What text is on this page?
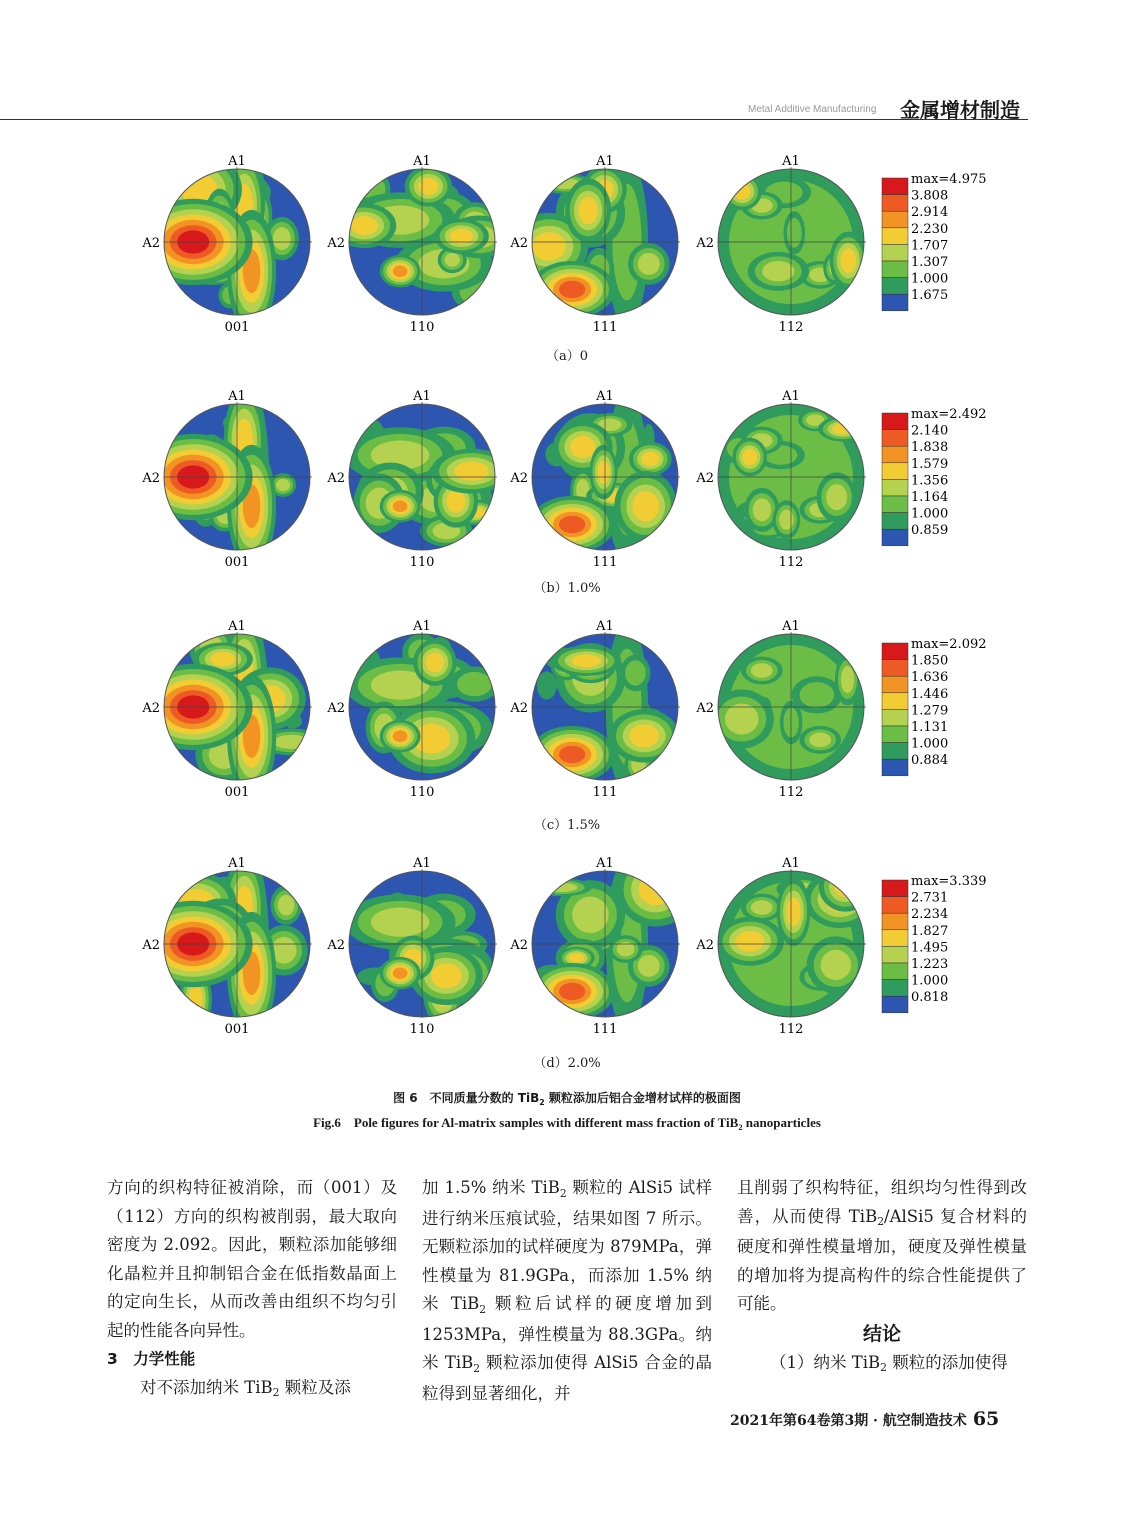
Metal Additive Manufacturing 金属增材制造
A1
A2
001
A1
A2
110
A1
A2
111
A1
A2
112
max=4.975
3.808
2.914
2.230
1.707
1.307
1.000
1.675
A1
A2
001
A1
A2
110
A1
A2
111
A1
A2
112
max=2.492
2.140
1.838
1.579
1.356
1.164
1.000
0.859
A1
A2
001
A1
A2
110
A1
A2
111
A1
A2
112
max=2.092
1.850
1.636
1.446
1.279
1.131
1.000
0.884
A1
A2
001
A1
A2
110
A1
A2
111
A1
A2
112
max=3.339
2.731
2.234
1.827
1.495
1.223
1.000
0.818
（a）0
（b）1.0%
（c）1.5%
（d）2.0%
图 6　不同质量分数的 TiB$_2$ 颗粒添加后铝合金增材试样的极面图
Fig.6　Pole figures for Al-matrix samples with different mass fraction of TiB$_2$ nanoparticles

方向的织构特征被消除，而（001）及（112）方向的织构被削弱，最大取向密度为 2.092。因此，颗粒添加能够细化晶粒并且抑制铝合金在低指数晶面上的定向生长，从而改善由组织不均匀引起的性能各向异性。

3　力学性能

对不添加纳米 TiB$_2$ 颗粒及添

加 1.5% 纳米 TiB$_2$ 颗粒的 AlSi5 试样进行纳米压痕试验，结果如图 7 所示。无颗粒添加的试样硬度为 879MPa，弹性模量为 81.9GPa，而添加 1.5% 纳米 TiB$_2$ 颗粒后试样的硬度增加到 1253MPa，弹性模量为 88.3GPa。纳米 TiB$_2$ 颗粒添加使得 AlSi5 合金的晶粒得到显著细化，并

且削弱了织构特征，组织均匀性得到改善，从而使得 TiB$_2$/AlSi5 复合材料的硬度和弹性模量增加，硬度及弹性模量的增加将为提高构件的综合性能提供了可能。

结论

（1）纳米 TiB$_2$ 颗粒的添加使得

2021年第64卷第3期 · 航空制造技术 65
